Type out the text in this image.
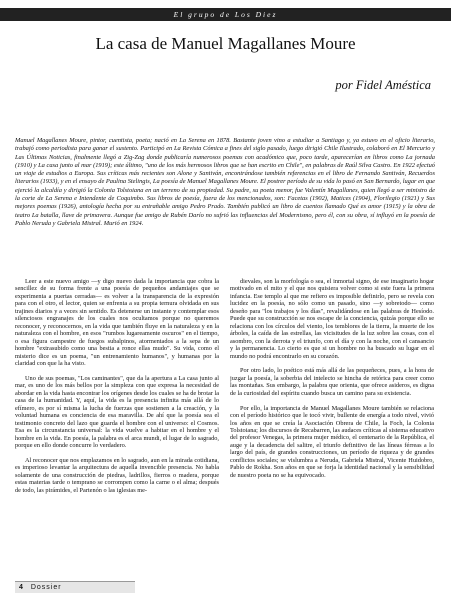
El grupo de Los Diez
La casa de Manuel Magallanes Moure
por Fidel Améstica
Manuel Magallanes Moure, pintor, cuentista, poeta; nació en La Serena en 1878. Bastante joven vino a estudiar a Santiago y, ya estuvo en el oficio literario, trabajó como periodista para ganar el sustento. Participó en La Revista Cómica a fines del siglo pasado, luego dirigió Chile Ilustrado, colaboró en El Mercurio y Las Últimas Noticias, finalmente llegó a Zig-Zag donde publicaría numerosos poemas con acadómico que, poco tarde, aparecerían en libros como La jornada (1910) y La casa junto al mar (1919); este último, "uno de los más hermosos libros que se han escrito en Chile", en palabras de Raúl Silva Castro. En 1922 efectuó un viaje de estudios a Europa. Sus críticas más recientes son Alone y Santiván, encontrándose también referencias en el libro de Fernando Santiván, Recuerdos literarios (1933), y en el ensayo de Paulina Stelingis, La poesía de Manuel Magallanes Moure. El postrer período de su vida lo pasó en San Bernardo, lugar en que ejerció la alcaldía y dirigió la Colonia Tolstoiana en un terreno de su propiedad. Su padre, su poeta menor, fue Valentín Magallanes, quien llegó a ser ministro de la corte de La Serena e Intendente de Coquimbo. Sus libros de poesía, fuera de los mencionados, son: Facetas (1902), Matices (1904), Florilegio (1921) y Sus mejores poemas (1926), antología hecha por su entrañable amigo Pedro Prado. También publicó un libro de cuentos llamado Qué es amor (1915) y la obra de teatro La batalla, llave de primavera. Aunque fue amigo de Rubén Darío no sufrió las influencias del Modernismo, pero él, con su obra, sí influyó en la poesía de Pablo Neruda y Gabriela Mistral. Murió en 1924.

Leer a este nuevo amigo —y digo nuevo dada la importancia que cobra la sencillez de su forma frente a una poesía de pequeños andamiajes que se experimenta a puertas cerradas— es volver a la transparencia de la expresión para con el otro, el lector, quien se enfrenta a su propia ternura olvidada en sus trajines diarios y a veces sin sentido. Es detenerse un instante y contemplar esos silenciosos engranajes de los cuales nos ocultamos porque no queremos reconocer, y reconocernos, en la vida que también fluye en la naturaleza y en la naturaleza con el hombre, en esos "rumbos lugareamente oscuros" en el tiempo, o esa figura campestre de fuegos subalpinos, atormentados a la sepa de un hombre "extrasubido como una bestia a ronce ellas mudo". Su vida, como el misterio dice es un poema, "un entrenamiento humanos", y humanas por la claridad con que la ha visto.

Uno de sus poemas, "Los caminantes", que da la apertura a La casa junto al mar, es uno de los más bellos por la simpleza con que expresa la necesidad de abordar en la vida hasta encontrar los orígenes desde los cuales se ha de brotar la casa de la humanidad. Y, aquí, la vida es la presencia infinita más allá de lo efímero, es por sí misma la lucha de fuerzas que sostienen a la creación, y la voluntad humana es conciencia de esa maravilla. De ahí que la poesía sea el testimonio concreto del lazo que guarda el hombre con el universo: el Cosmos. Esa es la circunstancia universal: la vida vuelve a habitar en el hombre y el hombre en la vida. En poesía, la palabra es el arca mundi, el lugar de lo sagrado, porque en ello donde concurre lo verdadero.

Al reconocer que nos emplazamos en lo sagrado, aun en la mirada cotidiana, es imperioso levantar la arquitectura de aquella invencible presencia. No habla solamente de una construcción de piedras, ladrillos, fierros o madera, porque estas materias tarde o temprano se corrompen como la carne o el alma; después de todo, las pirámides, el Partenón o las iglesias me-

dievales, son la morfología o sea, el inmortal signo, de ese imaginario hogar motivado en el mito y el que nos quisiera volver como si este fuera la primera infancia. Ese templo al que me refiero es imposible definirlo, pero se revela con lucidez en la poesía, no sólo como un pasado, sino —y sobretodo— como deseño para "los trabajos y los días", revalidándose en las palabras de Hesíodo. Puede que su construcción se nos escape de la conciencia, quizás porque ello se relaciona con los círculos del viento, los temblores de la tierra, la muerte de los árboles, la caída de las estrellas, las vicisitudes de la luz sobre las cosas, con el asombro, con la derrota y el triunfo, con el día y con la noche, con el cansancio y la permanencia. Lo cierto es que si un hombre no ha buscado su lugar en el mundo no podrá encontrarlo en su corazón.

Por otro lado, lo poético está más allá de las pequeñeces, pues, a la hora de juzgar la poesía, la soberbia del intelecto se hincha de retórica para creer como las montañas. Sus embargo, la palabra que orienta, que ofrece asideros, es digna de la curiosidad del espíritu cuando busca un camino para su existencia.

Por ello, la importancia de Manuel Magallanes Moure también se relaciona con el período histórico que le tocó vivir, bullente de energía a todo nivel, vivió los años en que se creía la Asociación Obrera de Chile, la Foch, la Colonia Tolstoiana; los discursos de Recabarren, las audaces críticas al sistema educativo del profesor Venegas, la primera mujer médico, el centenario de la República, el auge y la decadencia del salitre, el triunfo definitivo de las líneas férreas a lo largo del país, de grandes construcciones, un período de riqueza y de grandes conflictos sociales; se vislumbra a Neruda, Gabriela Mistral, Vicente Huidobro, Pablo de Rokha. Son años en que se forja la identidad nacional y la sensibilidad de nuestro poeta no se ha equivocado.

4 Dossier
